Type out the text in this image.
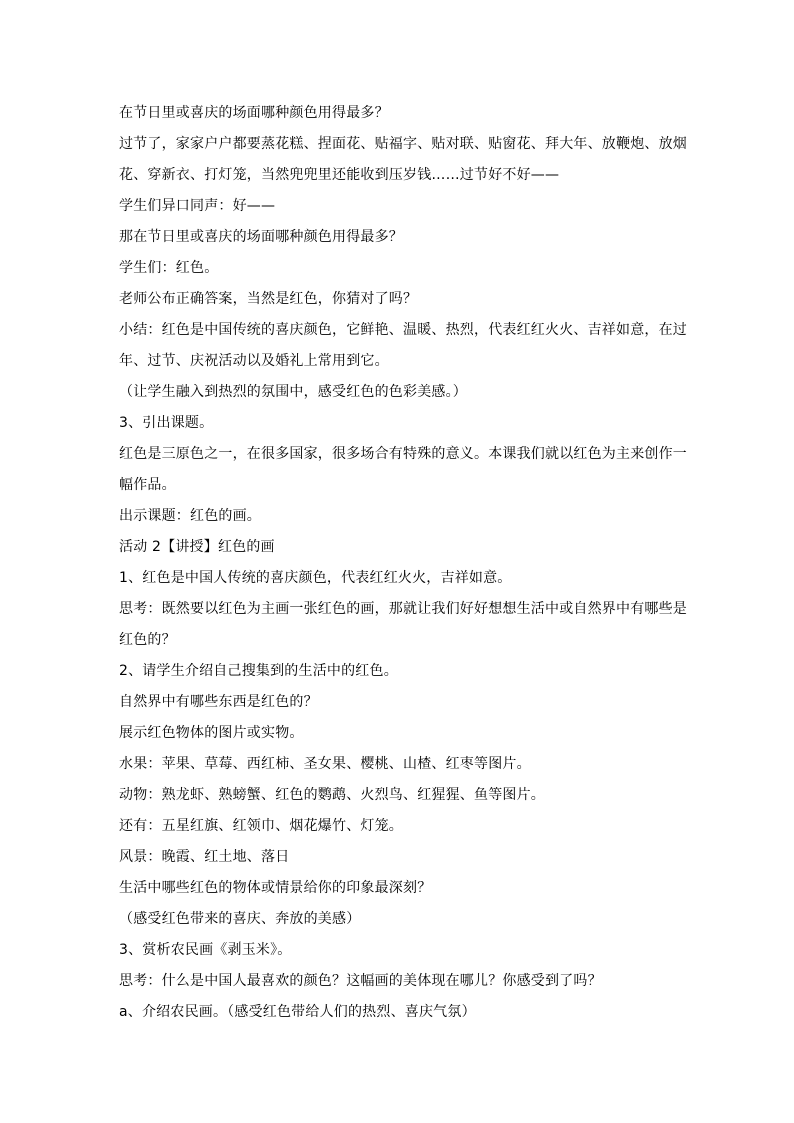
在节日里或喜庆的场面哪种颜色用得最多？
过节了，家家户户都要蒸花糕、捏面花、贴福字、贴对联、贴窗花、拜大年、放鞭炮、放烟
花、穿新衣、打灯笼，当然兜兜里还能收到压岁钱……过节好不好——
学生们异口同声：好——
那在节日里或喜庆的场面哪种颜色用得最多？
学生们：红色。
老师公布正确答案，当然是红色，你猜对了吗？
小结：红色是中国传统的喜庆颜色，它鲜艳、温暖、热烈，代表红红火火、吉祥如意，在过
年、过节、庆祝活动以及婚礼上常用到它。
（让学生融入到热烈的氛围中，感受红色的色彩美感。）
3、引出课题。
红色是三原色之一，在很多国家，很多场合有特殊的意义。本课我们就以红色为主来创作一
幅作品。
出示课题：红色的画。
活动 2【讲授】红色的画
1、红色是中国人传统的喜庆颜色，代表红红火火，吉祥如意。
思考：既然要以红色为主画一张红色的画，那就让我们好好想想生活中或自然界中有哪些是
红色的？
2、请学生介绍自己搜集到的生活中的红色。
自然界中有哪些东西是红色的？
展示红色物体的图片或实物。
水果：苹果、草莓、西红柿、圣女果、樱桃、山楂、红枣等图片。
动物：熟龙虾、熟螃蟹、红色的鹦鹉、火烈鸟、红猩猩、鱼等图片。
还有：五星红旗、红领巾、烟花爆竹、灯笼。
风景：晚霞、红土地、落日
生活中哪些红色的物体或情景给你的印象最深刻？
（感受红色带来的喜庆、奔放的美感）
3、赏析农民画《剥玉米》。
思考：什么是中国人最喜欢的颜色？这幅画的美体现在哪儿？你感受到了吗？
a、介绍农民画。（感受红色带给人们的热烈、喜庆气氛）
